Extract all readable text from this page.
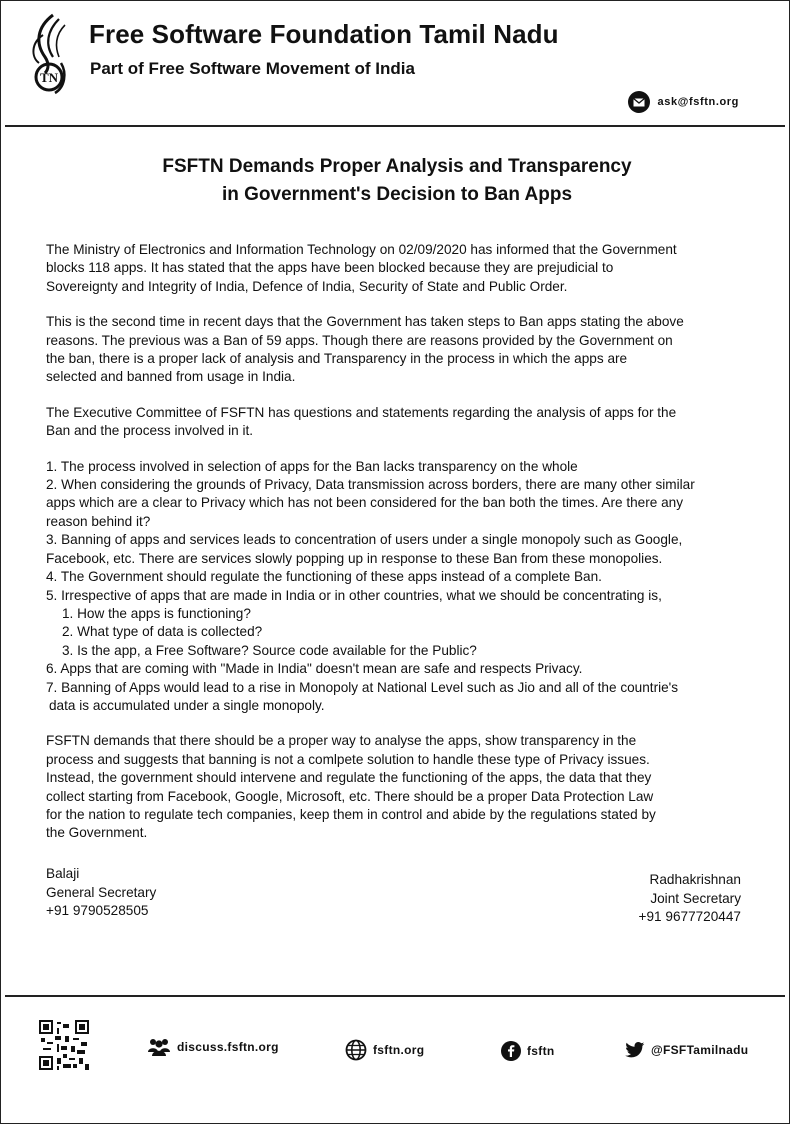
TN
Free Software Foundation Tamil Nadu
Part of Free Software Movement of India
ask@fsftn.org
FSFTN Demands Proper Analysis and Transparency
in Government's Decision to Ban Apps

The Ministry of Electronics and Information Technology on 02/09/2020 has informed that the Government
blocks 118 apps. It has stated that the apps have been blocked because they are prejudicial to
Sovereignty and Integrity of India, Defence of India, Security of State and Public Order.

This is the second time in recent days that the Government has taken steps to Ban apps stating the above
reasons. The previous was a Ban of 59 apps. Though there are reasons provided by the Government on
the ban, there is a proper lack of analysis and Transparency in the process in which the apps are
selected and banned from usage in India.

The Executive Committee of FSFTN has questions and statements regarding the analysis of apps for the
Ban and the process involved in it.

1. The process involved in selection of apps for the Ban lacks transparency on the whole
2. When considering the grounds of Privacy, Data transmission across borders, there are many other similar
apps which are a clear to Privacy which has not been considered for the ban both the times. Are there any
reason behind it?
3. Banning of apps and services leads to concentration of users under a single monopoly such as Google,
Facebook, etc. There are services slowly popping up in response to these Ban from these monopolies.
4. The Government should regulate the functioning of these apps instead of a complete Ban.
5. Irrespective of apps that are made in India or in other countries, what we should be concentrating is,
1. How the apps is functioning?
2. What type of data is collected?
3. Is the app, a Free Software? Source code available for the Public?
6. Apps that are coming with "Made in India" doesn't mean are safe and respects Privacy.
7. Banning of Apps would lead to a rise in Monopoly at National Level such as Jio and all of the countrie's
data is accumulated under a single monopoly.

FSFTN demands that there should be a proper way to analyse the apps, show transparency in the
process and suggests that banning is not a comlpete solution to handle these type of Privacy issues.
Instead, the government should intervene and regulate the functioning of the apps, the data that they
collect starting from Facebook, Google, Microsoft, etc. There should be a proper Data Protection Law
for the nation to regulate tech companies, keep them in control and abide by the regulations stated by
the Government.

Balaji
General Secretary
+91 9790528505
Radhakrishnan
Joint Secretary
+91 9677720447
discuss.fsftn.org	fsftn.org	fsftn	@FSFTamilnadu
